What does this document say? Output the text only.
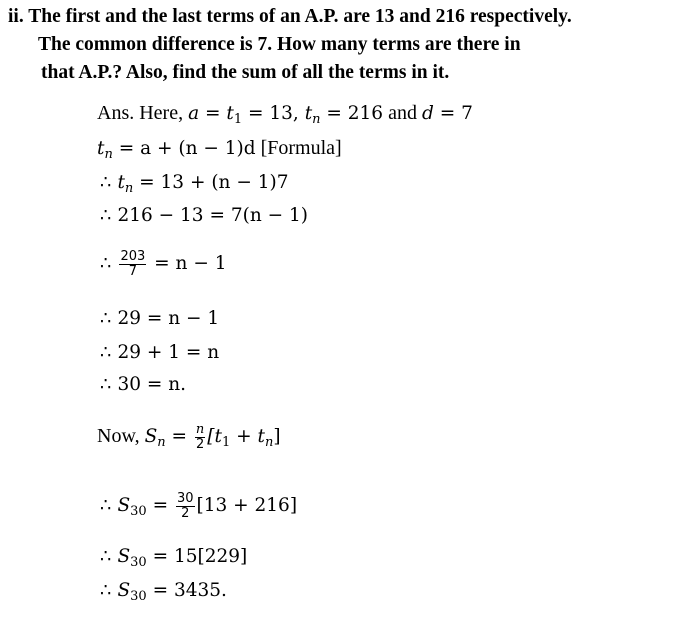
ii. The first and the last terms of an A.P. are 13 and 216 respectively.
The common difference is 7. How many terms are there in
that A.P.? Also, find the sum of all the terms in it.
Ans. Here, $a = t_1 = 13$, $t_n = 216$ and d = 7
$t_n = a + (n - 1)d$ [Formula]
∴ $t_n = 13 + (n - 1)7$
∴ 216 − 13 = 7(n − 1)
∴ $\frac{203}{7} = n - 1$
∴ 29 = n − 1
∴ 29 + 1 = n
∴ 30 = n.
Now, $S_n = \frac{n}{2} [t_1 + t_n]$
∴ $S_{30} = \frac{30}{2} [13 + 216]$
∴ $S_{30} = 15[229]$
∴ $S_{30} = 3435$.
